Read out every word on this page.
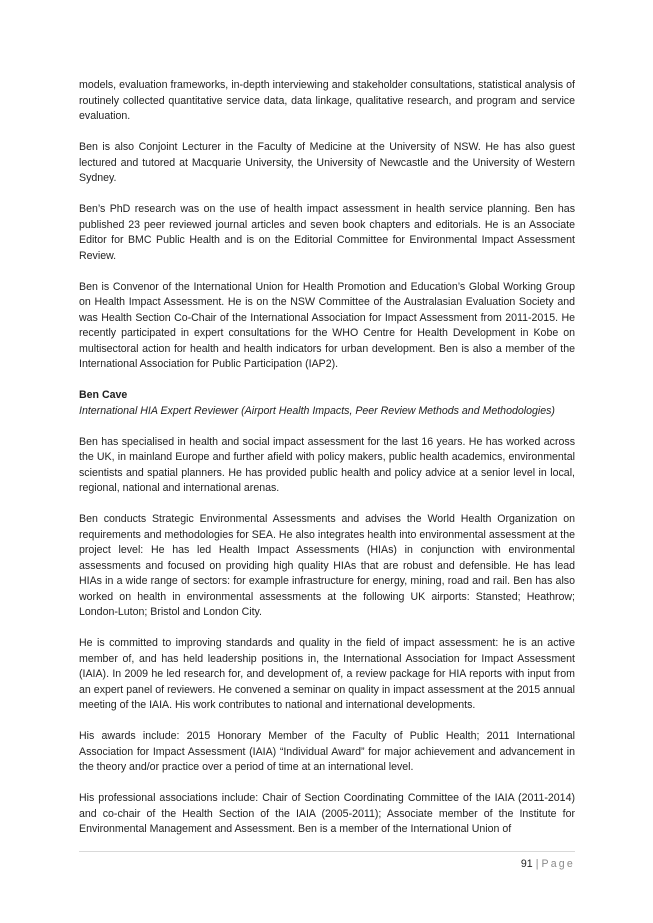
models, evaluation frameworks, in-depth interviewing and stakeholder consultations, statistical analysis of routinely collected quantitative service data, data linkage, qualitative research, and program and service evaluation.

Ben is also Conjoint Lecturer in the Faculty of Medicine at the University of NSW. He has also guest lectured and tutored at Macquarie University, the University of Newcastle and the University of Western Sydney.

Ben’s PhD research was on the use of health impact assessment in health service planning. Ben has published 23 peer reviewed journal articles and seven book chapters and editorials. He is an Associate Editor for BMC Public Health and is on the Editorial Committee for Environmental Impact Assessment Review.

Ben is Convenor of the International Union for Health Promotion and Education’s Global Working Group on Health Impact Assessment. He is on the NSW Committee of the Australasian Evaluation Society and was Health Section Co-Chair of the International Association for Impact Assessment from 2011-2015. He recently participated in expert consultations for the WHO Centre for Health Development in Kobe on multisectoral action for health and health indicators for urban development. Ben is also a member of the International Association for Public Participation (IAP2).

Ben Cave

International HIA Expert Reviewer (Airport Health Impacts, Peer Review Methods and Methodologies)

Ben has specialised in health and social impact assessment for the last 16 years. He has worked across the UK, in mainland Europe and further afield with policy makers, public health academics, environmental scientists and spatial planners. He has provided public health and policy advice at a senior level in local, regional, national and international arenas.

Ben conducts Strategic Environmental Assessments and advises the World Health Organization on requirements and methodologies for SEA. He also integrates health into environmental assessment at the project level: He has led Health Impact Assessments (HIAs) in conjunction with environmental assessments and focused on providing high quality HIAs that are robust and defensible. He has lead HIAs in a wide range of sectors: for example infrastructure for energy, mining, road and rail. Ben has also worked on health in environmental assessments at the following UK airports: Stansted; Heathrow; London-Luton; Bristol and London City.

He is committed to improving standards and quality in the field of impact assessment: he is an active member of, and has held leadership positions in, the International Association for Impact Assessment (IAIA). In 2009 he led research for, and development of, a review package for HIA reports with input from an expert panel of reviewers. He convened a seminar on quality in impact assessment at the 2015 annual meeting of the IAIA. His work contributes to national and international developments.

His awards include: 2015 Honorary Member of the Faculty of Public Health; 2011 International Association for Impact Assessment (IAIA) “Individual Award” for major achievement and advancement in the theory and/or practice over a period of time at an international level.

His professional associations include: Chair of Section Coordinating Committee of the IAIA (2011-2014) and co-chair of the Health Section of the IAIA (2005-2011); Associate member of the Institute for Environmental Management and Assessment. Ben is a member of the International Union of

91 | Page
